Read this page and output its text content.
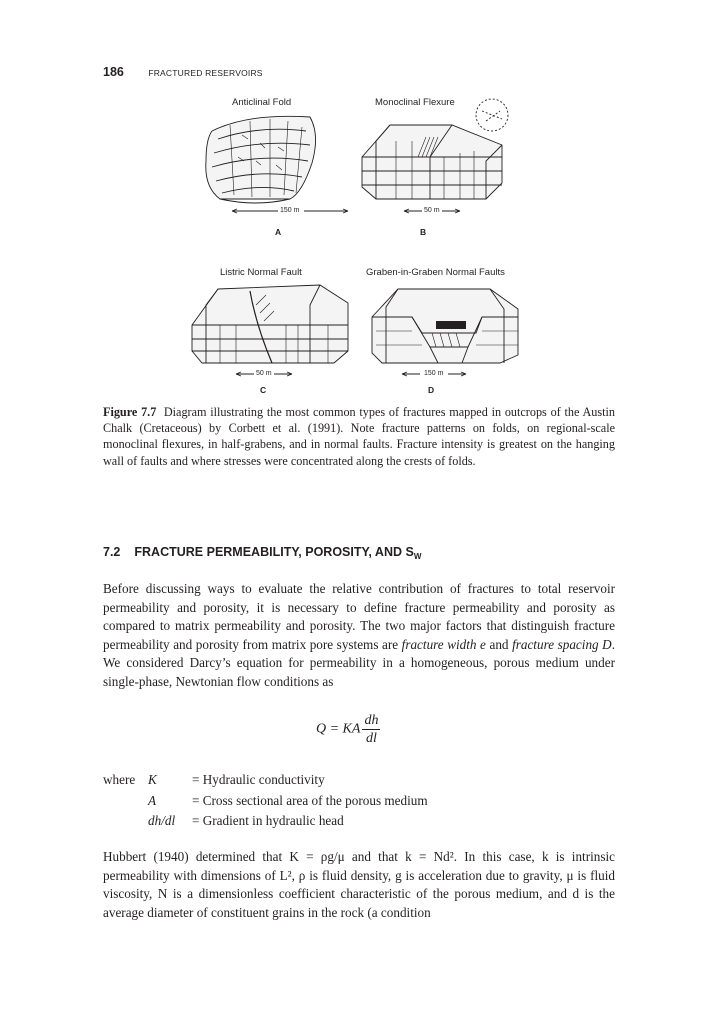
186	FRACTURED RESERVOIRS
Anticlinal Fold	Monoclinal Flexure
Listric Normal Fault	Graben-in-Graben Normal Faults
150 m
A
50 m
B
50 m
C
150 m
D
Figure 7.7 Diagram illustrating the most common types of fractures mapped in outcrops of the Austin Chalk (Cretaceous) by Corbett et al. (1991). Note fracture patterns on folds, on regional-scale monoclinal flexures, in half-grabens, and in normal faults. Fracture intensity is greatest on the hanging wall of faults and where stresses were concentrated along the crests of folds.
7.2 FRACTURE PERMEABILITY, POROSITY, AND $S_W$
Before discussing ways to evaluate the relative contribution of fractures to total reservoir permeability and porosity, it is necessary to define fracture permeability and porosity as compared to matrix permeability and porosity. The two major factors that distinguish fracture permeability and porosity from matrix pore systems are fracture width e and fracture spacing D. We considered Darcy’s equation for permeability in a homogeneous, porous medium under single-phase, Newtonian flow conditions as
Q = KA $\frac{dh}{dl}$
where K	= Hydraulic conductivity
A	= Cross sectional area of the porous medium
dh/dl	= Gradient in hydraulic head
Hubbert (1940) determined that K = ρg/μ and that k = Nd². In this case, k is intrinsic permeability with dimensions of L², ρ is fluid density, g is acceleration due to gravity, μ is fluid viscosity, N is a dimensionless coefficient characteristic of the porous medium, and d is the average diameter of constituent grains in the rock (a condition
